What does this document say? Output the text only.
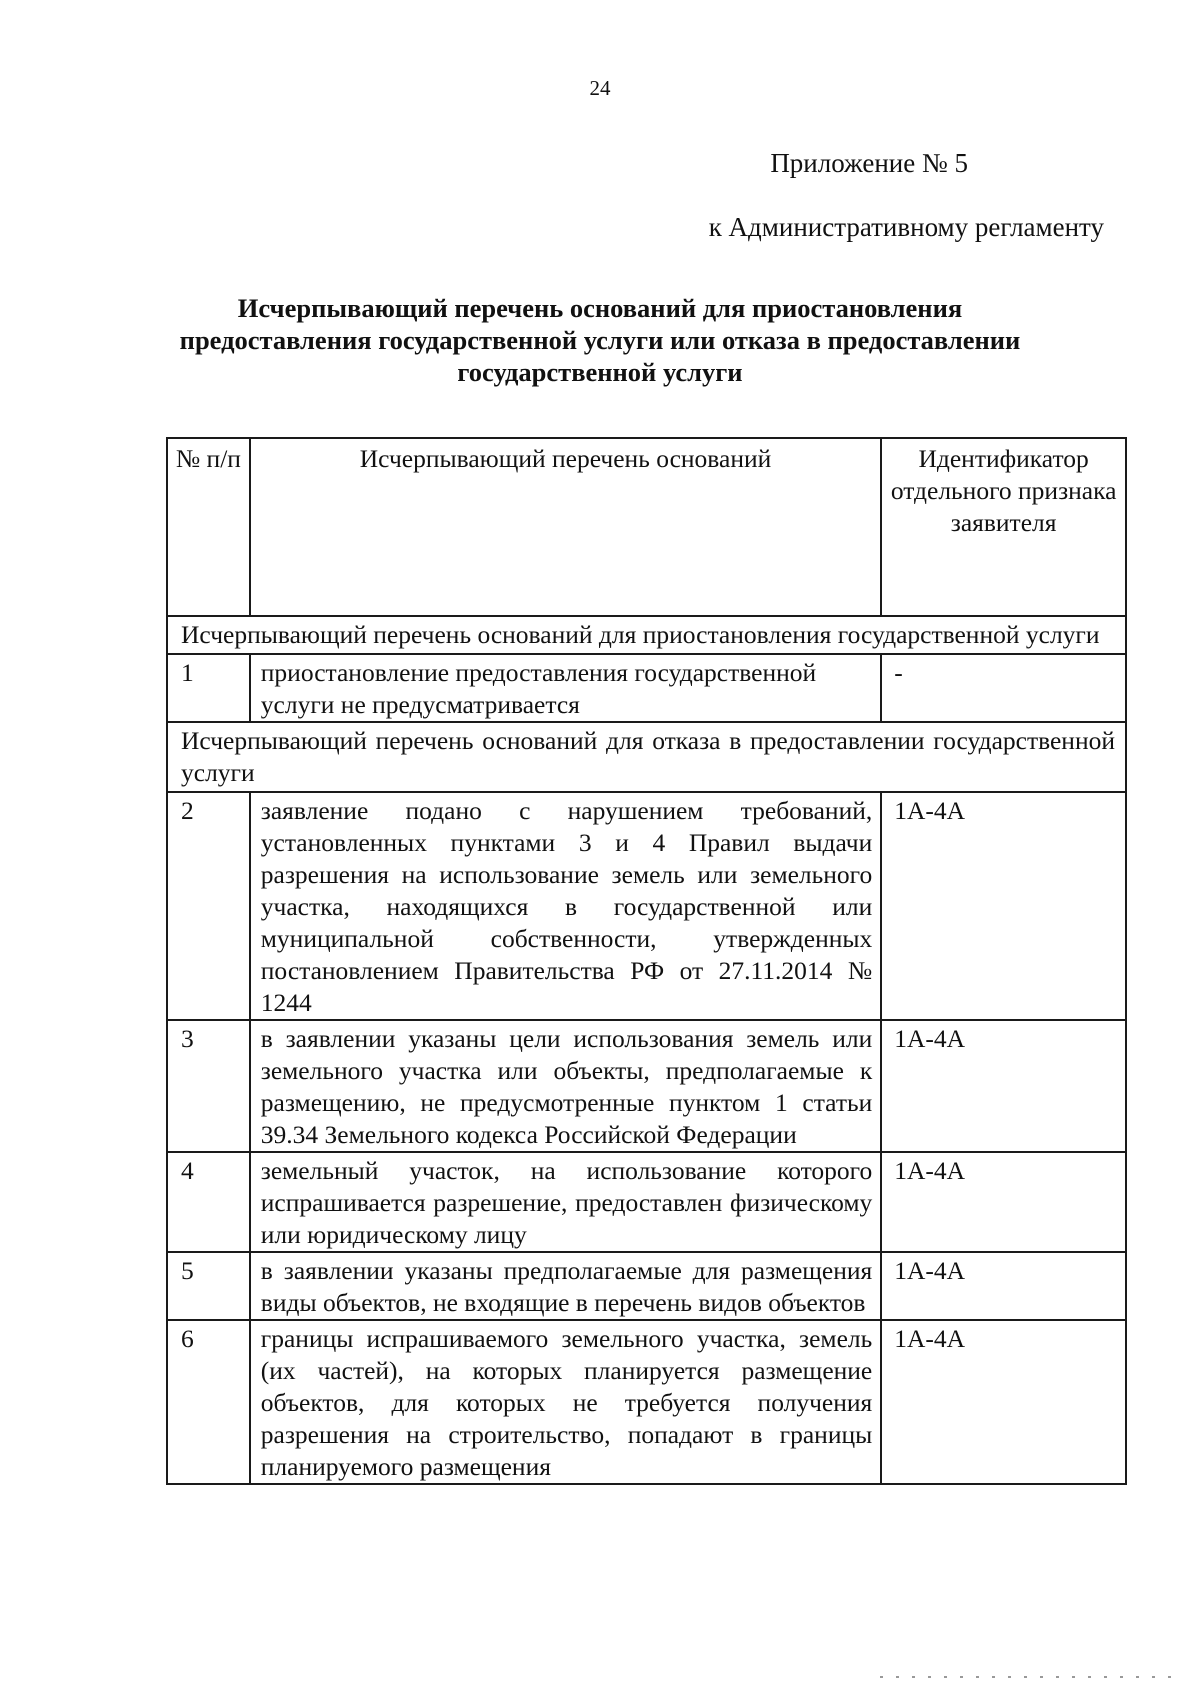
24
Приложение № 5
к Административному регламенту
Исчерпывающий перечень оснований для приостановления
предоставления государственной услуги или отказа в предоставлении
государственной услуги
№ п/п	Исчерпывающий перечень оснований	Идентификатор отдельного признака заявителя
Исчерпывающий перечень оснований для приостановления государственной услуги		
1	приостановление предоставления государственной услуги не предусматривается	-
Исчерпывающий перечень оснований для отказа в предоставлении государственной услуги		
2	заявление подано с нарушением требований, установленных пунктами 3 и 4 Правил выдачи разрешения на использование земель или земельного участка, находящихся в государственной или муниципальной собственности, утвержденных постановлением Правительства РФ от 27.11.2014 № 1244	1А-4А
3	в заявлении указаны цели использования земель или земельного участка или объекты, предполагаемые к размещению, не предусмотренные пунктом 1 статьи 39.34 Земельного кодекса Российской Федерации	1А-4А
4	земельный участок, на использование которого испрашивается разрешение, предоставлен физическому или юридическому лицу	1А-4А
5	в заявлении указаны предполагаемые для размещения виды объектов, не входящие в перечень видов объектов	1А-4А
6	границы испрашиваемого земельного участка, земель (их частей), на которых планируется размещение объектов, для которых не требуется получения разрешения на строительство, попадают в границы планируемого размещения	1А-4А
